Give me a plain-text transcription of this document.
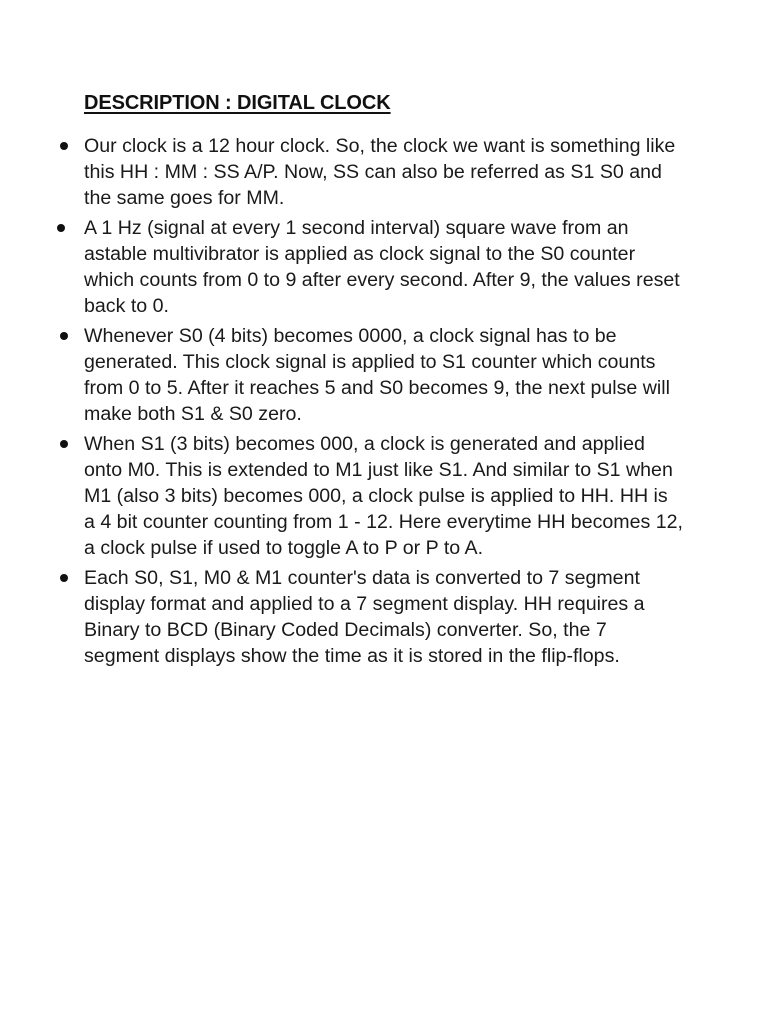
DESCRIPTION : DIGITAL CLOCK
Our clock is a 12 hour clock. So, the clock we want is something like this HH : MM : SS A/P. Now, SS can also be referred as S1 S0 and the same goes for MM.
A 1 Hz (signal at every 1 second interval) square wave from an astable multivibrator is applied as clock signal to the S0 counter which counts from 0 to 9 after every second. After 9, the values reset back to 0.
Whenever S0 (4 bits) becomes 0000, a clock signal has to be generated. This clock signal is applied to S1 counter which counts from 0 to 5. After it reaches 5 and S0 becomes 9, the next pulse will make both S1 & S0 zero.
When S1 (3 bits) becomes 000, a clock is generated and applied onto M0. This is extended to M1 just like S1. And similar to S1 when M1 (also 3 bits) becomes 000, a clock pulse is applied to HH. HH is a 4 bit counter counting from 1 - 12. Here everytime HH becomes 12, a clock pulse if used to toggle A to P or P to A.
Each S0, S1, M0 & M1 counter's data is converted to 7 segment display format and applied to a 7 segment display. HH requires a Binary to BCD (Binary Coded Decimals) converter. So, the 7 segment displays show the time as it is stored in the flip-flops.
